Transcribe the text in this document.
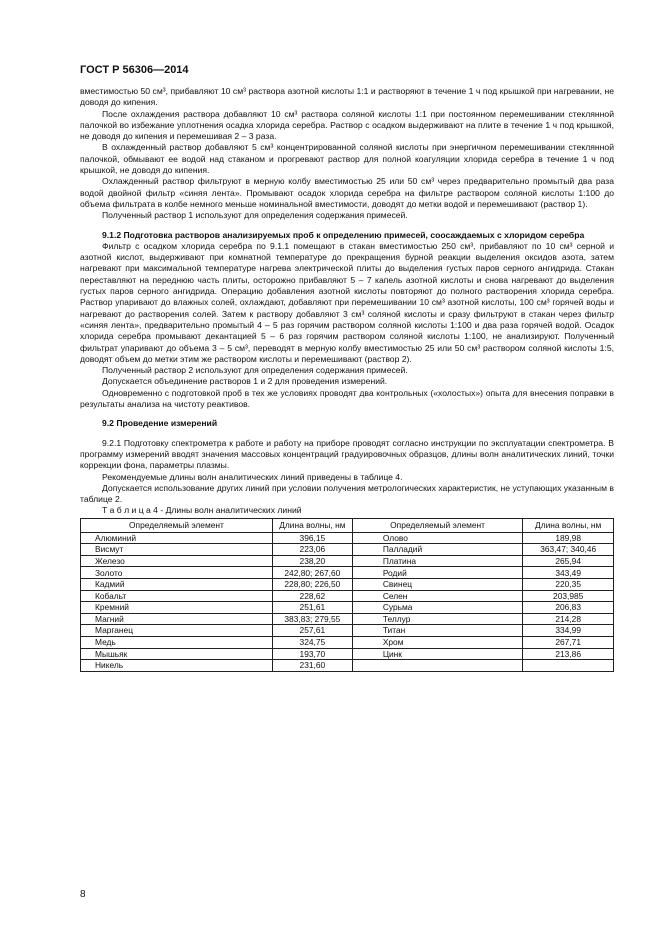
ГОСТ Р 56306—2014

вместимостью 50 см³, прибавляют 10 см³ раствора азотной кислоты 1:1 и растворяют в течение 1 ч под крышкой при нагревании, не доводя до кипения.

После охлаждения раствора добавляют 10 см³ раствора соляной кислоты 1:1 при постоянном перемешивании стеклянной палочкой во избежание уплотнения осадка хлорида серебра. Раствор с осадком выдерживают на плите в течение 1 ч под крышкой, не доводя до кипения и перемешивая 2 – 3 раза.

В охлажденный раствор добавляют 5 см³ концентрированной соляной кислоты при энергичном перемешивании стеклянной палочкой, обмывают ее водой над стаканом и прогревают раствор для полной коагуляции хлорида серебра в течение 1 ч под крышкой, не доводя до кипения.

Охлажденный раствор фильтруют в мерную колбу вместимостью 25 или 50 см³ через предварительно промытый два раза водой двойной фильтр «синяя лента». Промывают осадок хлорида серебра на фильтре раствором соляной кислоты 1:100 до объема фильтрата в колбе немного меньше номинальной вместимости, доводят до метки водой и перемешивают (раствор 1).

Полученный раствор 1 используют для определения содержания примесей.

9.1.2 Подготовка растворов анализируемых проб к определению примесей, соосаждаемых с хлоридом серебра

Фильтр с осадком хлорида серебра по 9.1.1 помещают в стакан вместимостью 250 см³, прибавляют по 10 см³ серной и азотной кислот, выдерживают при комнатной температуре до прекращения бурной реакции выделения оксидов азота, затем нагревают при максимальной температуре нагрева электрической плиты до выделения густых паров серного ангидрида. Стакан переставляют на переднюю часть плиты, осторожно прибавляют 5 – 7 капель азотной кислоты и снова нагревают до выделения густых паров серного ангидрида. Операцию добавления азотной кислоты повторяют до полного растворения хлорида серебра. Раствор упаривают до влажных солей, охлаждают, добавляют при перемешивании 10 см³ азотной кислоты, 100 см³ горячей воды и нагревают до растворения солей. Затем к раствору добавляют 3 см³ соляной кислоты и сразу фильтруют в стакан через фильтр «синяя лента», предварительно промытый 4 – 5 раз горячим раствором соляной кислоты 1:100 и два раза горячей водой. Осадок хлорида серебра промывают декантацией 5 – 6 раз горячим раствором соляной кислоты 1:100, не анализируют. Полученный фильтрат упаривают до объема 3 – 5 см³, переводят в мерную колбу вместимостью 25 или 50 см³ раствором соляной кислоты 1:5, доводят объем до метки этим же раствором кислоты и перемешивают (раствор 2).

Полученный раствор 2 используют для определения содержания примесей.

Допускается объединение растворов 1 и 2 для проведения измерений.

Одновременно с подготовкой проб в тех же условиях проводят два контрольных («холостых») опыта для внесения поправки в результаты анализа на чистоту реактивов.

9.2 Проведение измерений

9.2.1 Подготовку спектрометра к работе и работу на приборе проводят согласно инструкции по эксплуатации спектрометра. В программу измерений вводят значения массовых концентраций градуировочных образцов, длины волн аналитических линий, точки коррекции фона, параметры плазмы.

Рекомендуемые длины волн аналитических линий приведены в таблице 4.

Допускается использование других линий при условии получения метрологических характеристик, не уступающих указанным в таблице 2.

Т а б л и ц а 4 - Длины волн аналитических линий

Определяемый элемент	Длина волны, нм	Определяемый элемент	Длина волны, нм
Алюминий	396,15	Олово	189,98
Висмут	223,06	Палладий	363,47; 340,46
Железо	238,20	Платина	265,94
Золото	242,80; 267,60	Родий	343,49
Кадмий	228,80; 226,50	Свинец	220,35
Кобальт	228,62	Селен	203,985
Кремний	251,61	Сурьма	206,83
Магний	383,83; 279,55	Теллур	214,28
Марганец	257,61	Титан	334,99
Медь	324,75	Хром	267,71
Мышьяк	193,70	Цинк	213,86
Никель	231,60		
8
